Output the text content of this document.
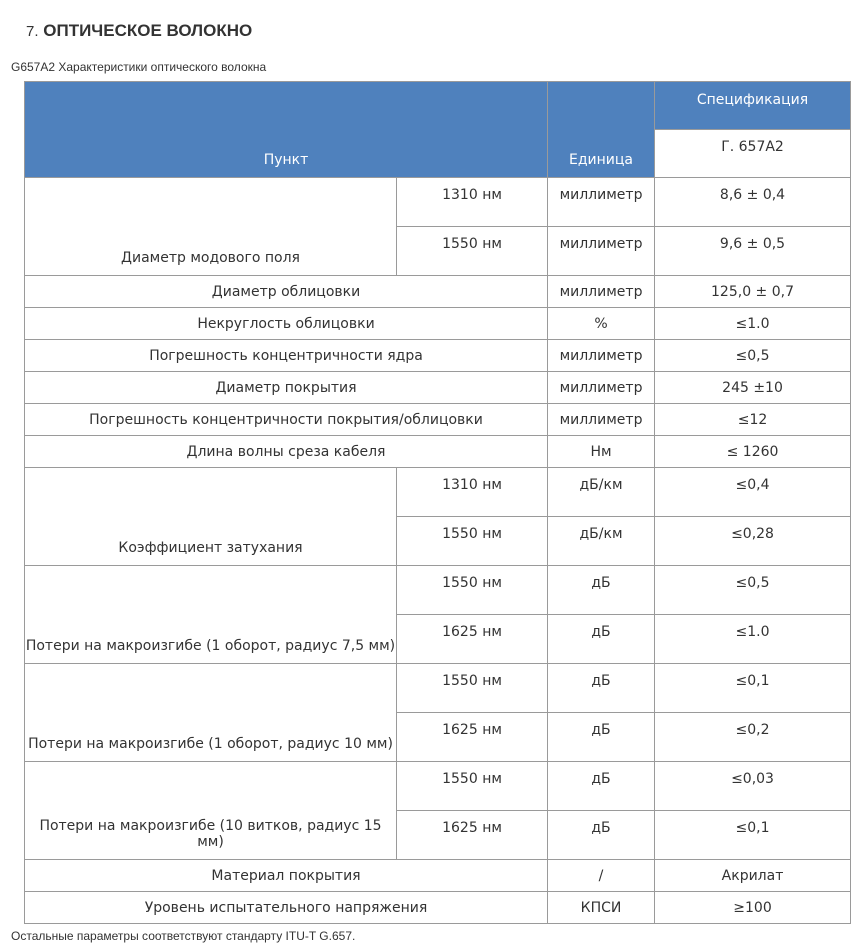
7. ОПТИЧЕСКОЕ ВОЛОКНО
G657A2 Характеристики оптического волокна
Пункт		Единица	Спецификация
			Г. 657А2
Диаметр модового поля	1310 нм	миллиметр	8,6 ± 0,4
	1550 нм	миллиметр	9,6 ± 0,5
Диаметр облицовки		миллиметр	125,0 ± 0,7
Некруглость облицовки		%	≤1.0
Погрешность концентричности ядра		миллиметр	≤0,5
Диаметр покрытия		миллиметр	245 ±10
Погрешность концентричности покрытия/облицовки		миллиметр	≤12
Длина волны среза кабеля		Нм	≤ 1260
Коэффициент затухания	1310 нм	дБ/км	≤0,4
	1550 нм	дБ/км	≤0,28
Потери на макроизгибе (1 оборот, радиус 7,5 мм)	1550 нм	дБ	≤0,5
	1625 нм	дБ	≤1.0
Потери на макроизгибе (1 оборот, радиус 10 мм)	1550 нм	дБ	≤0,1
	1625 нм	дБ	≤0,2
Потери на макроизгибе (10 витков, радиус 15 мм)	1550 нм	дБ	≤0,03
	1625 нм	дБ	≤0,1
Материал покрытия		/	Акрилат
Уровень испытательного напряжения		КПСИ	≥100
Остальные параметры соответствуют стандарту ITU-T G.657.
